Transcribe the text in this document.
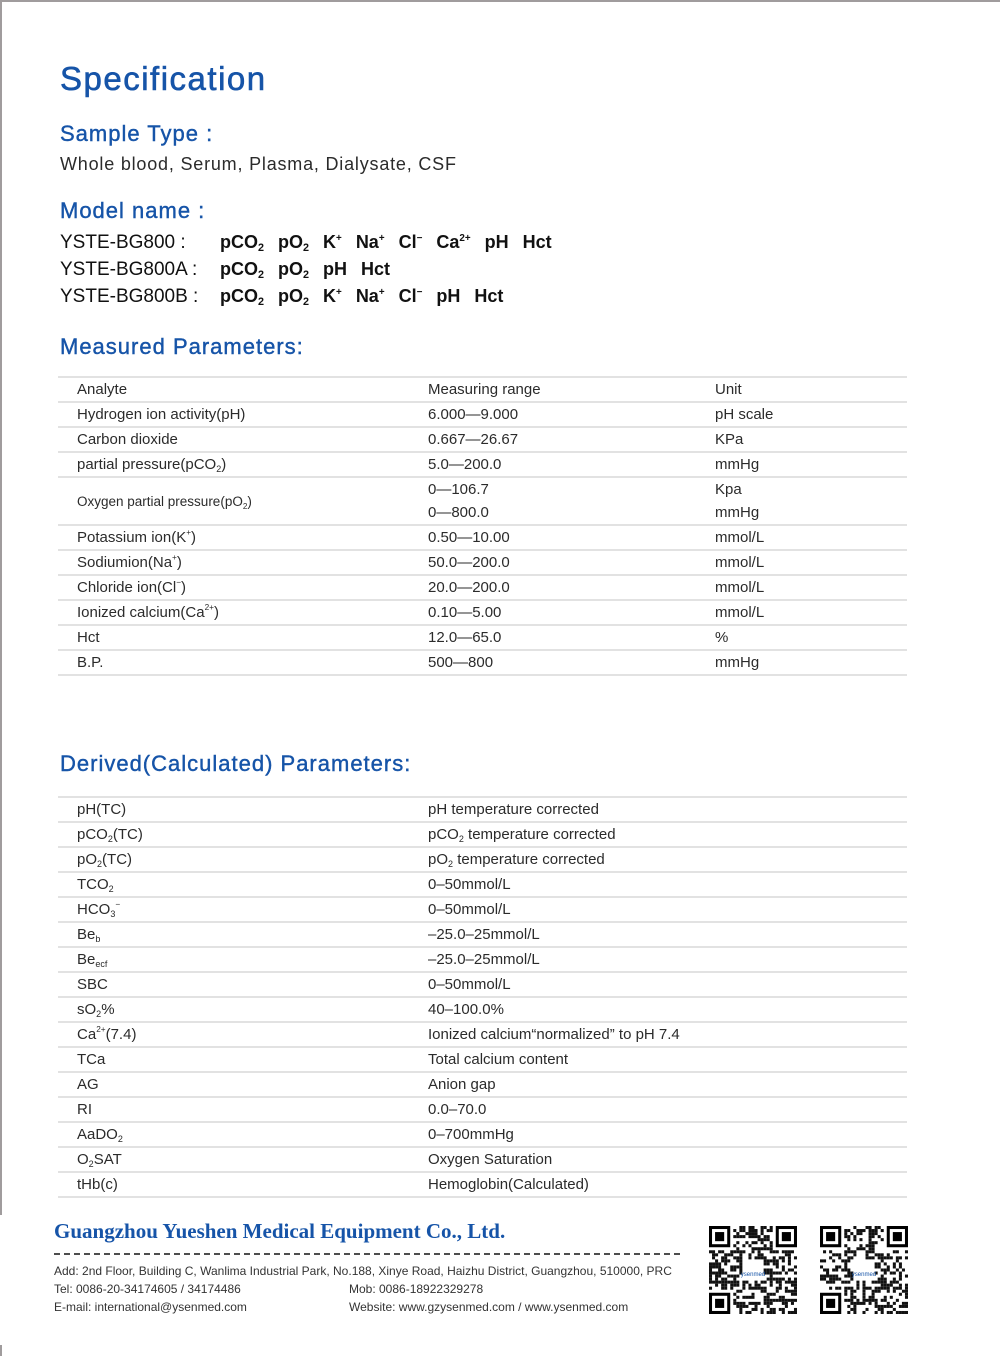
Specification
Sample Type :
Whole blood, Serum, Plasma, Dialysate, CSF
Model name :
YSTE-BG800 :	pCO$_2$ $pO_2$ K+ Na+ Cl− $Ca^{2+}$ pH Hct
YSTE-BG800A :	pCO$_2$ $pO_2$ pH Hct
YSTE-BG800B :	pCO$_2$ $pO_2$ K+ Na+ Cl− pH Hct
Measured Parameters:
Analyte	Measuring range	Unit
Hydrogen ion activity(pH)	6.000—9.000	pH scale
Carbon dioxide	0.667—26.67	KPa
partial pressure(pCO$_2$)	5.0—200.0	mmHg
Oxygen partial $pressure(pO_2)$	0—106.7	Kpa
	0—800.0	mmHg
Potassium ion(K+)	0.50—10.00	mmol/L
Sodiumion(Na+)	50.0—200.0	mmol/L
Chloride ion(Cl−)	20.0—200.0	mmol/L
Ionized $calcium(Ca^{2+})$	0.10—5.00	mmol/L
Hct	12.0—65.0	%
B.P.	500—800	mmHg
Derived(Calculated) Parameters:
pH(TC)	pH temperature corrected
pCO$_2$(TC)	pCO$_2$ temperature corrected
$pO_2(TC)$	$pO_2$ temperature corrected
$TCO_2$	0–50mmol/L
$HCO_3^-$	0–50mmol/L
$Be_b$	–25.0–25mmol/L
$Be_{ecf}$	–25.0–25mmol/L
SBC	0–50mmol/L
$sO_2\%$	40–100.0%
$Ca^{2+}(7.4)$	Ionized calcium“normalized” to pH 7.4
TCa	Total calcium content
AG	Anion gap
RI	0.0–70.0
AaDO$_2$	0–700mmHg
$O_2SAT$	Oxygen Saturation
tHb(c)	Hemoglobin(Calculated)
Guangzhou Yueshen Medical Equipment Co., Ltd.
Add: 2nd Floor, Building C, Wanlima Industrial Park, No.188, Xinye Road, Haizhu District, Guangzhou, 510000, PRC
Tel: 0086-20-34174605 / 34174486	Mob: 0086-18922329278
E-mail: international@ysenmed.com	Website: www.gzysenmed.com / www.ysenmed.com
ysenmed	ysenmed
